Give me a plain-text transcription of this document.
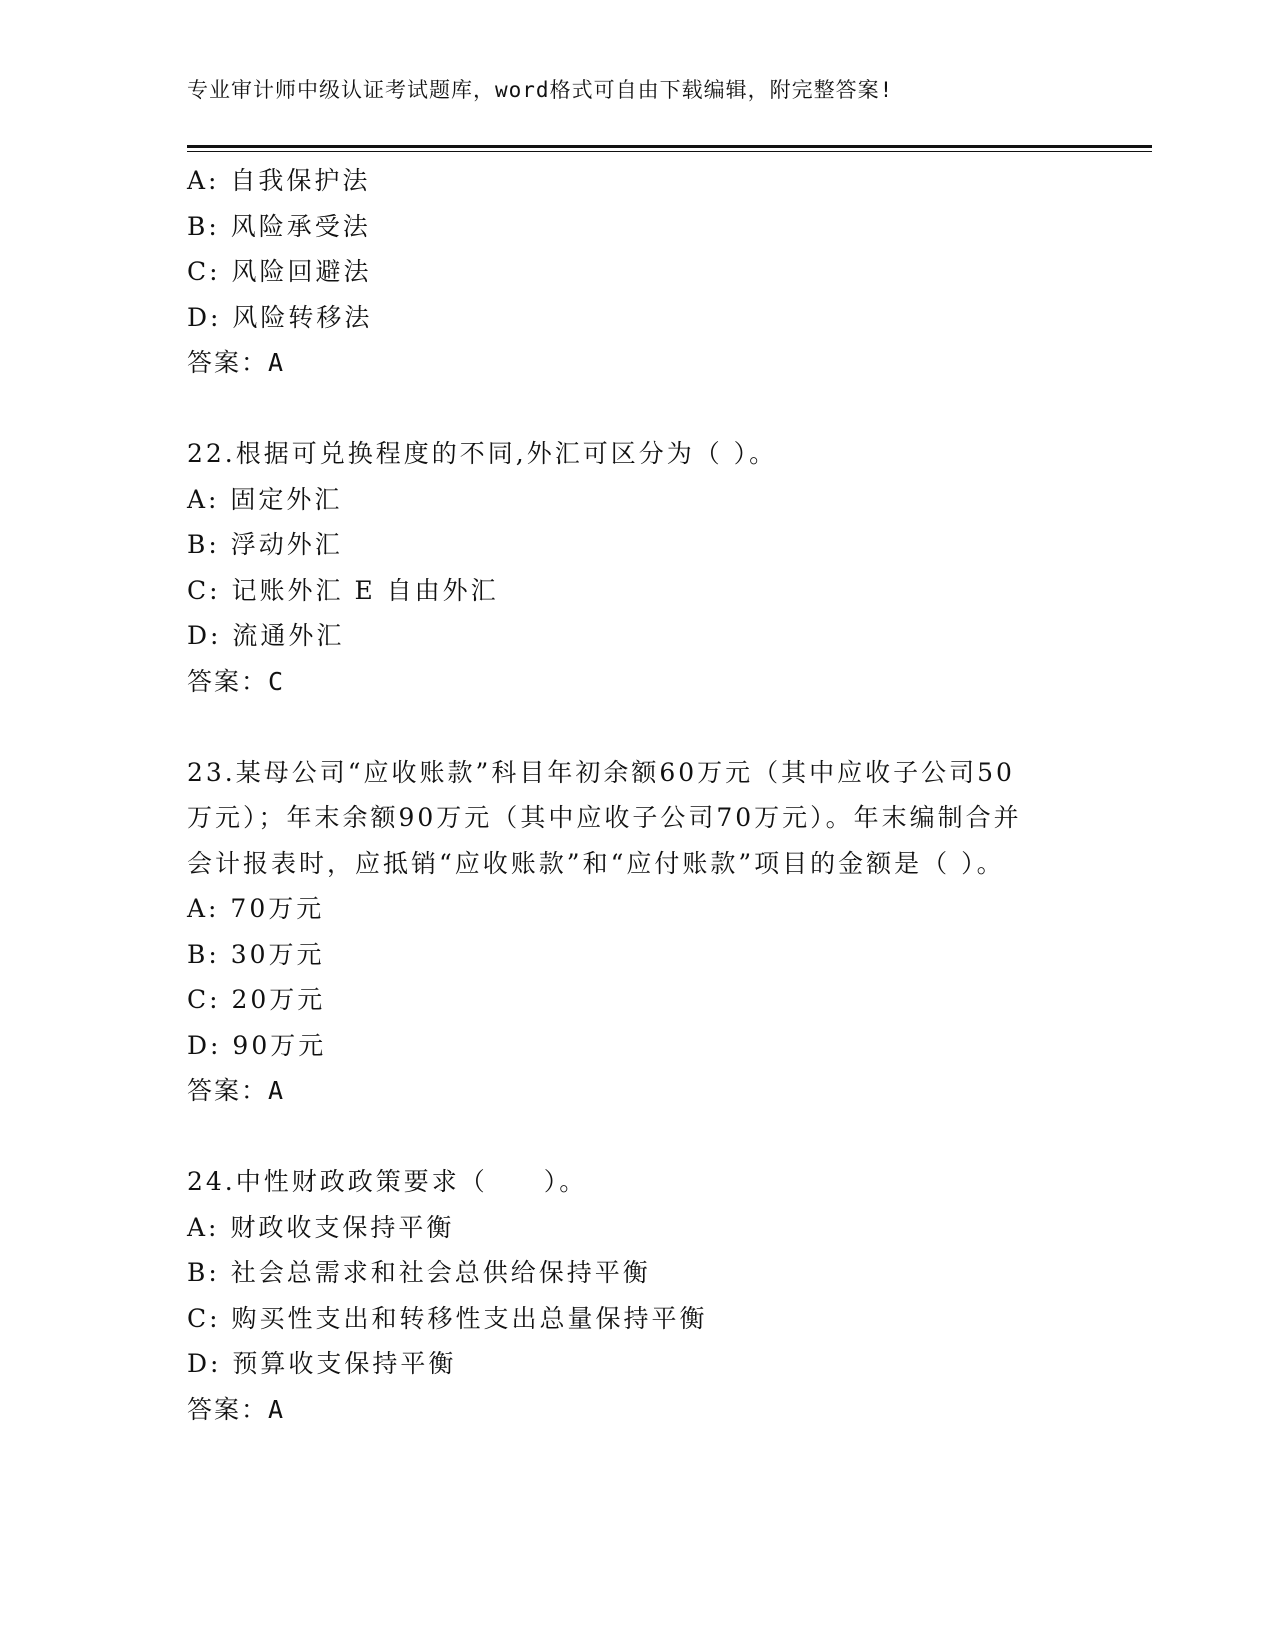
专业审计师中级认证考试题库，word格式可自由下载编辑，附完整答案!
A: 自我保护法
B: 风险承受法
C: 风险回避法
D: 风险转移法
答案：A
22.根据可兑换程度的不同,外汇可区分为（ ）。
A: 固定外汇
B: 浮动外汇
C: 记账外汇 E 自由外汇
D: 流通外汇
答案：C
23.某母公司“应收账款”科目年初余额60万元（其中应收子公司50万元）；年末余额90万元（其中应收子公司70万元）。年末编制合并会计报表时，应抵销“应收账款”和“应付账款”项目的金额是（ ）。
A: 70万元
B: 30万元
C: 20万元
D: 90万元
答案：A
24.中性财政政策要求（　　）。
A: 财政收支保持平衡
B: 社会总需求和社会总供给保持平衡
C: 购买性支出和转移性支出总量保持平衡
D: 预算收支保持平衡
答案：A
